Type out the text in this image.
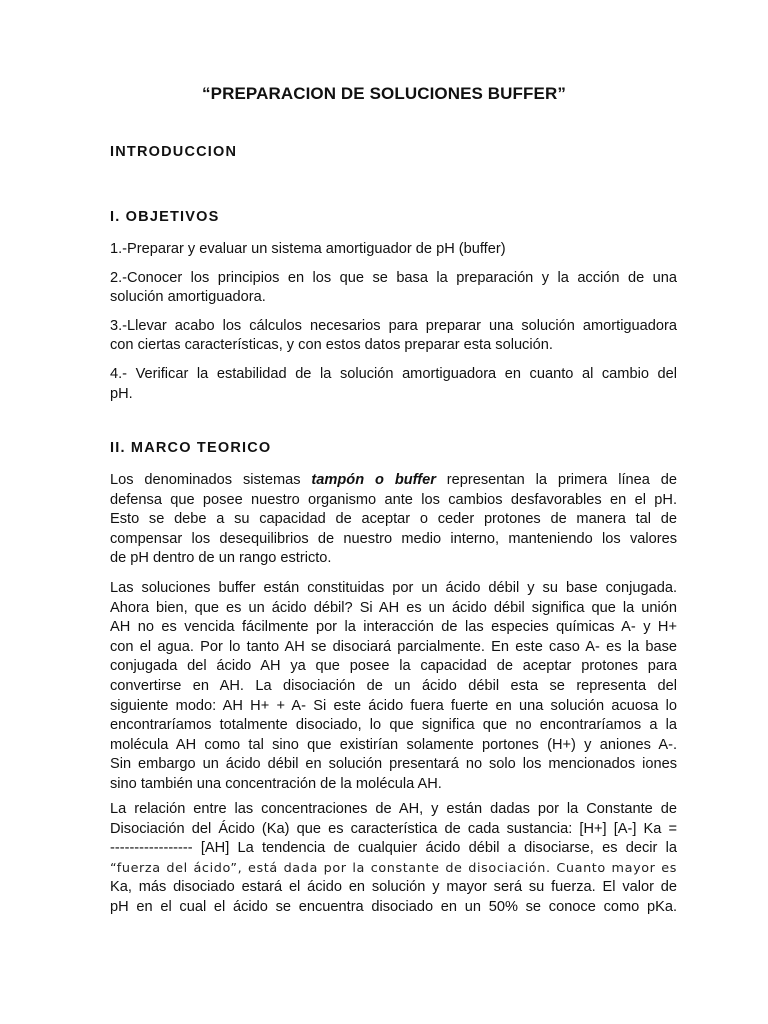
“PREPARACION DE SOLUCIONES BUFFER”
INTRODUCCION
I. OBJETIVOS
1.-Preparar y evaluar un sistema amortiguador de pH (buffer)
2.-Conocer los principios en los que se basa la preparación y la acción de una
solución amortiguadora.
3.-Llevar acabo los cálculos necesarios para preparar una solución amortiguadora
con ciertas características, y con estos datos preparar esta solución.
4.- Verificar la estabilidad de la solución amortiguadora en cuanto al cambio del
pH.
II. MARCO TEORICO
Los denominados sistemas tampón o buffer representan la primera línea de
defensa que posee nuestro organismo ante los cambios desfavorables en el pH.
Esto se debe a su capacidad de aceptar o ceder protones de manera tal de
compensar los desequilibrios de nuestro medio interno, manteniendo los valores
de pH dentro de un rango estricto.
Las soluciones buffer están constituidas por un ácido débil y su base conjugada.
Ahora bien, que es un ácido débil? Si AH es un ácido débil significa que la unión
AH no es vencida fácilmente por la interacción de las especies químicas A- y H+
con el agua. Por lo tanto AH se disociará parcialmente. En este caso A- es la base
conjugada del ácido AH ya que posee la capacidad de aceptar protones para
convertirse en AH. La disociación de un ácido débil esta se representa del
siguiente modo: AH H+ + A- Si este ácido fuera fuerte en una solución acuosa lo
encontraríamos totalmente disociado, lo que significa que no encontraríamos a la
molécula AH como tal sino que existirían solamente portones (H+) y aniones A-.
Sin embargo un ácido débil en solución presentará no solo los mencionados iones
sino también una concentración de la molécula AH.
La relación entre las concentraciones de AH, y están dadas por la Constante de
Disociación del Ácido (Ka) que es característica de cada sustancia: [H+] [A-] Ka =
----------------- [AH] La tendencia de cualquier ácido débil a disociarse, es decir la
“fuerza del ácido”, está dada por la constante de disociación. Cuanto mayor es
Ka, más disociado estará el ácido en solución y mayor será su fuerza. El valor de
pH en el cual el ácido se encuentra disociado en un 50% se conoce como pKa.
